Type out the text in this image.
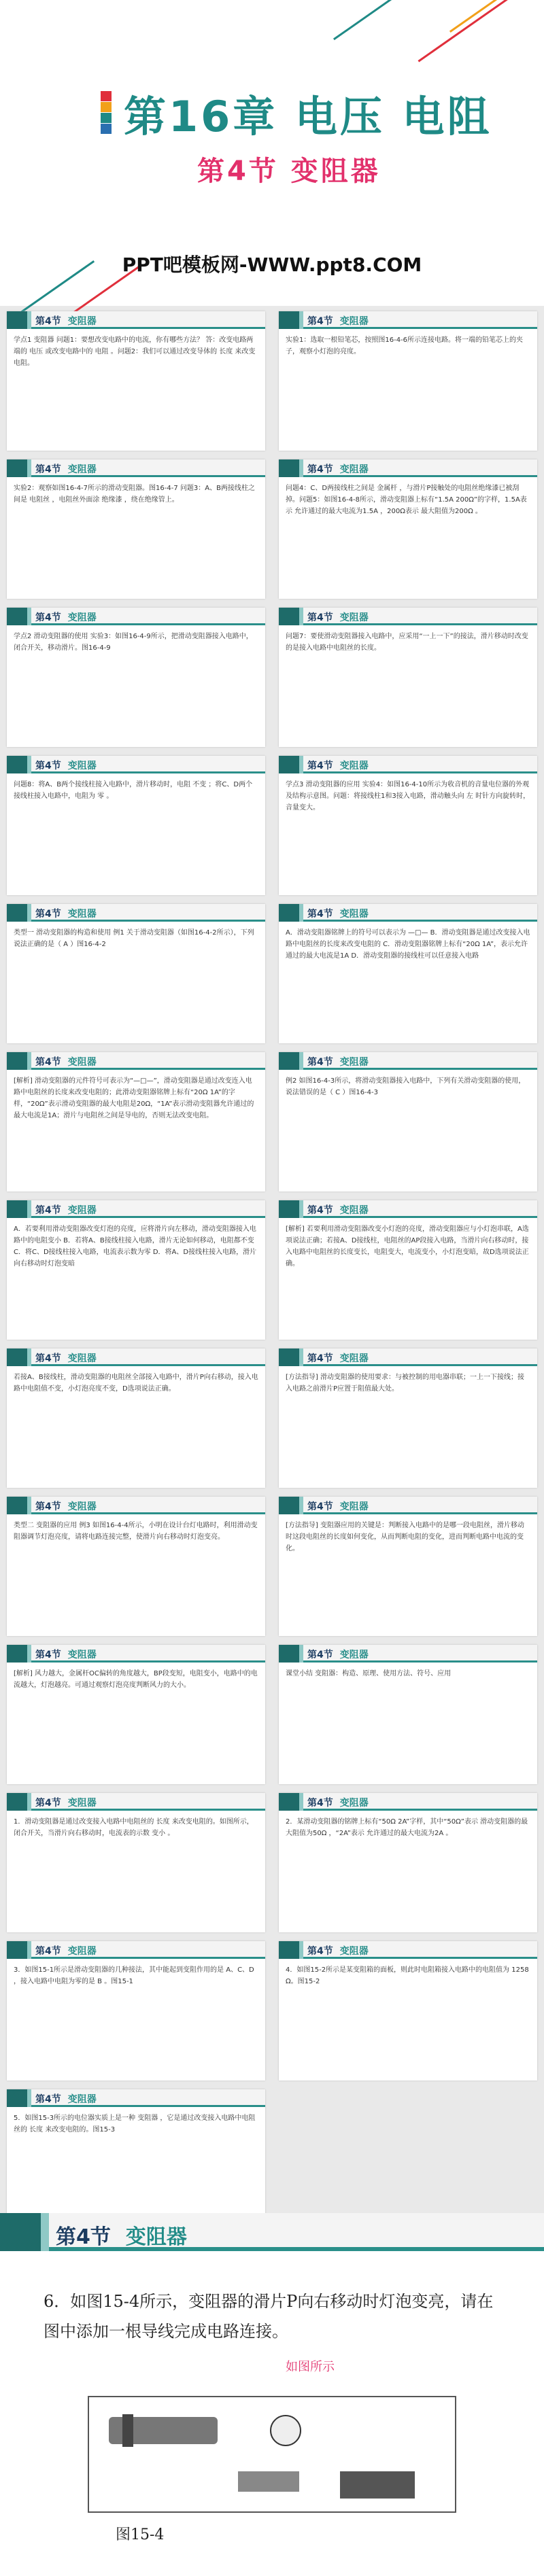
第16章 电压 电阻
第4节 变阻器
PPT吧模板网-WWW.ppt8.COM
第4节 变阻器
学点1 变阻器 问题1：要想改变电路中的电流，你有哪些方法？ 答：改变电路两端的 电压 或改变电路中的 电阻 。问题2：我们可以通过改变导体的 长度 来改变电阻。
第4节 变阻器
实验1：选取一根铅笔芯，按照图16-4-6所示连接电路。将一端的铅笔芯上的夹子，观察小灯泡的亮度。
第4节 变阻器
实验2：观察如图16-4-7所示的滑动变阻器。图16-4-7 问题3：A、B两接线柱之间是 电阻丝 ，电阻丝外面涂 绝缘漆 ，绕在绝缘管上。
第4节 变阻器
问题4：C、D两接线柱之间是 金属杆 ，与滑片P接触处的电阻丝绝缘漆已被刮掉。问题5：如图16-4-8所示，滑动变阻器上标有“1.5A 200Ω”的字样，1.5A表示 允许通过的最大电流为1.5A ，200Ω表示 最大阻值为200Ω 。
第4节 变阻器
学点2 滑动变阻器的使用 实验3：如图16-4-9所示，把滑动变阻器接入电路中，闭合开关，移动滑片。图16-4-9
第4节 变阻器
问题7：要使滑动变阻器接入电路中，应采用“一上一下”的接法，滑片移动时改变的是接入电路中电阻丝的长度。
第4节 变阻器
问题8：将A、B两个接线柱接入电路中，滑片移动时，电阻 不变 ；将C、D两个接线柱接入电路中，电阻为 零 。
第4节 变阻器
学点3 滑动变阻器的应用 实验4：如图16-4-10所示为收音机的音量电位器的外观及结构示意图。问题：将接线柱1和3接入电路，滑动触头向 左 时针方向旋转时，音量变大。
第4节 变阻器
类型一 滑动变阻器的构造和使用 例1 关于滑动变阻器（如图16-4-2所示），下列说法正确的是（ A ）图16-4-2
第4节 变阻器
A．滑动变阻器铭牌上的符号可以表示为 —□— B．滑动变阻器是通过改变接入电路中电阻丝的长度来改变电阻的 C．滑动变阻器铭牌上标有“20Ω 1A”，表示允许通过的最大电流是1A D．滑动变阻器的接线柱可以任意接入电路
第4节 变阻器
[解析] 滑动变阻器的元件符号可表示为“—□—”，滑动变阻器是通过改变连入电路中电阻丝的长度来改变电阻的；此滑动变阻器铭牌上标有“20Ω 1A”的字样，“20Ω”表示滑动变阻器的最大电阻是20Ω，“1A”表示滑动变阻器允许通过的最大电流是1A；滑片与电阻丝之间是导电的，否则无法改变电阻。
第4节 变阻器
例2 如图16-4-3所示，将滑动变阻器接入电路中，下列有关滑动变阻器的使用，说法错误的是（ C ）图16-4-3
第4节 变阻器
A．若要利用滑动变阻器改变灯泡的亮度，应将滑片向左移动，滑动变阻器接入电路中的电阻变小 B．若将A、B接线柱接入电路，滑片无论如何移动，电阻都不变 C．将C、D接线柱接入电路，电流表示数为零 D．将A、D接线柱接入电路，滑片向右移动时灯泡变暗
第4节 变阻器
[解析] 若要利用滑动变阻器改变小灯泡的亮度，滑动变阻器应与小灯泡串联，A选项说法正确；若接A、D接线柱，电阻丝的AP段接入电路，当滑片向右移动时，接入电路中电阻丝的长度变长，电阻变大，电流变小，小灯泡变暗，故D选项说法正确。
第4节 变阻器
若接A、B接线柱，滑动变阻器的电阻丝全部接入电路中，滑片P向右移动，接入电路中电阻值不变，小灯泡亮度不变，D选项说法正确。
第4节 变阻器
[方法指导] 滑动变阻器的使用要求：与被控制的用电器串联；一上一下接线；接入电路之前滑片P应置于阻值最大处。
第4节 变阻器
类型二 变阻器的应用 例3 如图16-4-4所示，小明在设计台灯电路时，利用滑动变阻器调节灯泡亮度，请将电路连接完整，使滑片向右移动时灯泡变亮。
第4节 变阻器
[方法指导] 变阻器应用的关键是：判断接入电路中的是哪一段电阻丝，滑片移动时这段电阻丝的长度如何变化，从而判断电阻的变化，进而判断电路中电流的变化。
第4节 变阻器
[解析] 风力越大，金属杆OC偏转的角度越大，BP段变短，电阻变小，电路中的电流越大，灯泡越亮。可通过观察灯泡亮度判断风力的大小。
第4节 变阻器
课堂小结 变阻器：构造、原理、使用方法、符号、应用
第4节 变阻器
1．滑动变阻器是通过改变接入电路中电阻丝的 长度 来改变电阻的。如图所示，闭合开关，当滑片向右移动时，电流表的示数 变小 。
第4节 变阻器
2．某滑动变阻器的铭牌上标有“50Ω 2A”字样，其中“50Ω”表示 滑动变阻器的最大阻值为50Ω ，“2A”表示 允许通过的最大电流为2A 。
第4节 变阻器
3．如图15-1所示是滑动变阻器的几种接法，其中能起到变阻作用的是 A、C、D ，接入电路中电阻为零的是 B 。图15-1
第4节 变阻器
4．如图15-2所示是某变阻箱的面板，则此时电阻箱接入电路中的电阻值为 1258 Ω。图15-2
第4节 变阻器
5．如图15-3所示的电位器实质上是一种 变阻器 ，它是通过改变接入电路中电阻丝的 长度 来改变电阻的。图15-3
第4节 变阻器
6．如图15-4所示，变阻器的滑片P向右移动时灯泡变亮，请在图中添加一根导线完成电路连接。
如图所示
图15-4
